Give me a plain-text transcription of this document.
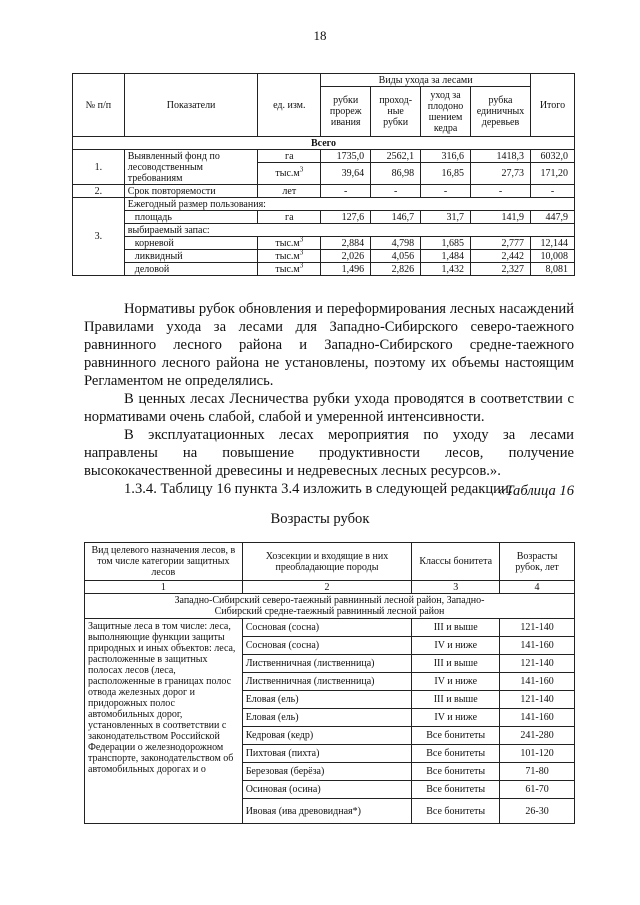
18
№ п/п	Показатели	ед. изм.	Виды ухода за лесами				Итого
			рубки прореж ивания	проход-ные рубки	уход за плодоно шением кедра	рубка единичных деревьев	
Всего							
1.	Выявленный фонд по лесоводственным требованиям	га	1735,0	2562,1	316,6	1418,3	6032,0
		$тыс.м^3$	39,64	86,98	16,85	27,73	171,20
2.	Срок повторяемости	лет	-	-	-	-	-
3.	Ежегодный размер пользования:						
	площадь	га	127,6	146,7	31,7	141,9	447,9
	выбираемый запас:						
	корневой	$тыс.м^3$	2,884	4,798	1,685	2,777	12,144
	ликвидный	$тыс.м^3$	2,026	4,056	1,484	2,442	10,008
	деловой	$тыс.м^3$	1,496	2,826	1,432	2,327	8,081

Нормативы рубок обновления и переформирования лесных насаждений Правилами ухода за лесами для Западно-Сибирского северо-таежного равнинного лесного района и Западно-Сибирского средне-таежного равнинного лесного района не установлены, поэтому их объемы настоящим Регламентом не определялись.

В ценных лесах Лесничества рубки ухода проводятся в соответствии с нормативами очень слабой, слабой и умеренной интенсивности.

В эксплуатационных лесах мероприятия по уходу за лесами направлены на повышение продуктивности лесов, получение высококачественной древесины и недревесных лесных ресурсов.».

1.3.4. Таблицу 16 пункта 3.4 изложить в следующей редакции:

«Таблица 16
Возрасты рубок
Вид целевого назначения лесов, в том числе категории защитных лесов	Хозсекции и входящие в них преобладающие породы	Классы бонитета	Возрасты рубок, лет
1	2	3	4
Западно-Сибирский северо-таежный равнинный лесной район, Западно-Сибирский средне-таежный равнинный лесной район			
Защитные леса в том числе: леса, выполняющие функции защиты природных и иных объектов: леса, расположенные в защитных полосах лесов (леса, расположенные в границах полос отвода железных дорог и придорожных полос автомобильных дорог, установленных в соответствии с законодательством Российской Федерации о железнодорожном транспорте, законодательством об автомобильных дорогах и о	Сосновая (сосна)	III и выше	121-140
	Сосновая (сосна)	IV и ниже	141-160
	Лиственничная (лиственница)	III и выше	121-140
	Лиственничная (лиственница)	IV и ниже	141-160
	Еловая (ель)	III и выше	121-140
	Еловая (ель)	IV и ниже	141-160
	Кедровая (кедр)	Все бонитеты	241-280
	Пихтовая (пихта)	Все бонитеты	101-120
	Березовая (берёза)	Все бонитеты	71-80
	Осиновая (осина)	Все бонитеты	61-70
	Ивовая (ива древовидная*)	Все бонитеты	26-30
